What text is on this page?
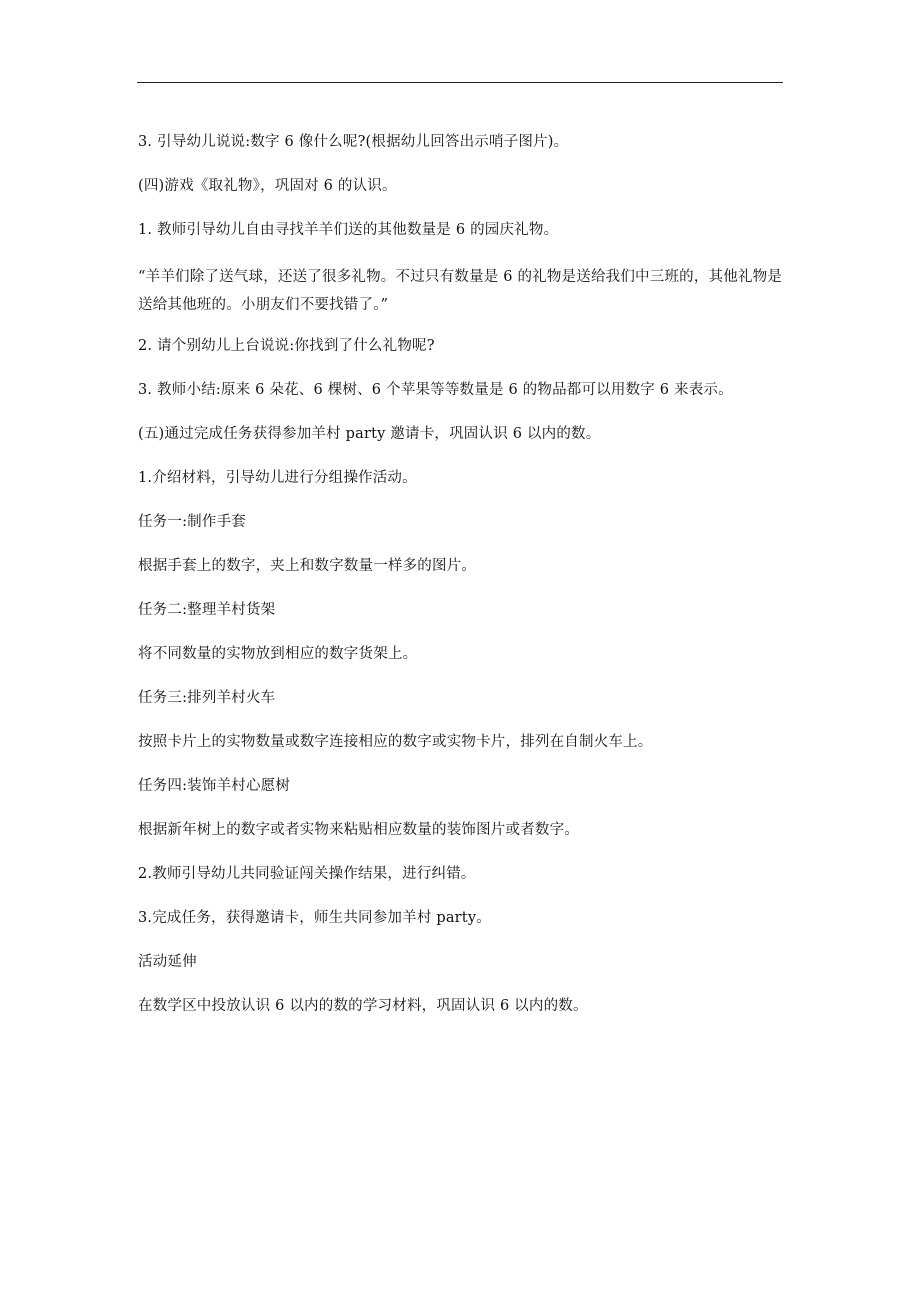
3. 引导幼儿说说:数字 6 像什么呢?(根据幼儿回答出示哨子图片)。

(四)游戏《取礼物》，巩固对 6 的认识。

1. 教师引导幼儿自由寻找羊羊们送的其他数量是 6 的园庆礼物。

“羊羊们除了送气球，还送了很多礼物。不过只有数量是 6 的礼物是送给我们中三班的，其他礼物是送给其他班的。小朋友们不要找错了。”

2. 请个别幼儿上台说说:你找到了什么礼物呢?

3. 教师小结:原来 6 朵花、6 棵树、6 个苹果等等数量是 6 的物品都可以用数字 6 来表示。

(五)通过完成任务获得参加羊村 party 邀请卡，巩固认识 6 以内的数。

1.介绍材料，引导幼儿进行分组操作活动。

任务一:制作手套

根据手套上的数字，夹上和数字数量一样多的图片。

任务二:整理羊村货架

将不同数量的实物放到相应的数字货架上。

任务三:排列羊村火车

按照卡片上的实物数量或数字连接相应的数字或实物卡片，排列在自制火车上。

任务四:装饰羊村心愿树

根据新年树上的数字或者实物来粘贴相应数量的装饰图片或者数字。

2.教师引导幼儿共同验证闯关操作结果，进行纠错。

3.完成任务，获得邀请卡，师生共同参加羊村 party。

活动延伸

在数学区中投放认识 6 以内的数的学习材料，巩固认识 6 以内的数。
